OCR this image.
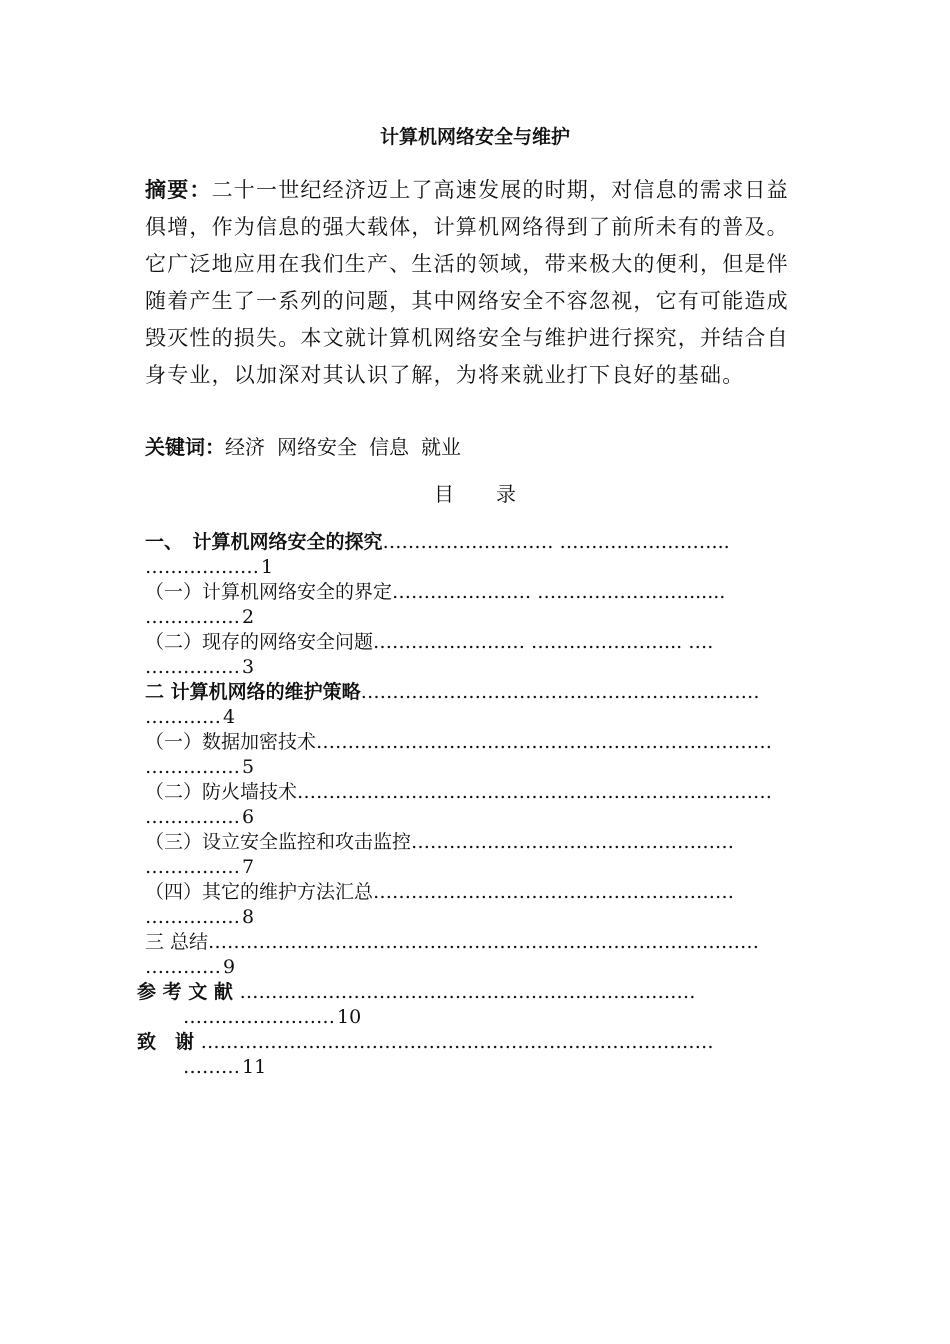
计算机网络安全与维护
摘要：二十一世纪经济迈上了高速发展的时期，对信息的需求日益俱增，作为信息的强大载体，计算机网络得到了前所未有的普及。它广泛地应用在我们生产、生活的领域，带来极大的便利，但是伴随着产生了一系列的问题，其中网络安全不容忽视，它有可能造成毁灭性的损失。本文就计算机网络安全与维护进行探究，并结合自身专业，以加深对其认识了解，为将来就业打下良好的基础。
关键词：经济 网络安全 信息 就业
目录
一、　计算机网络安全的探究……………………… ……………………...
……………… 1
（一）计算机网络安全的界定…………………. ……………………......
…………… 2
（二）现存的网络安全问题…………………… …………………... ….
…………… 3
二 计算机网络的维护策略………………………………………………………
………… 4
（一）数据加密技术………………………………………………………………
…………… 5
（二）防火墙技术…………………………………………………………………
…………… 6
（三）设立安全监控和攻击监控……………………………………………
…………… 7
（四）其它的维护方法汇总…………………………………………………
…………… 8
三 总结……………………………………………………………………………
………… 9
参 考 文 献 ………………………………………………………………
…………………… 10
致　谢 ………………………………………………………………………
……… 11
